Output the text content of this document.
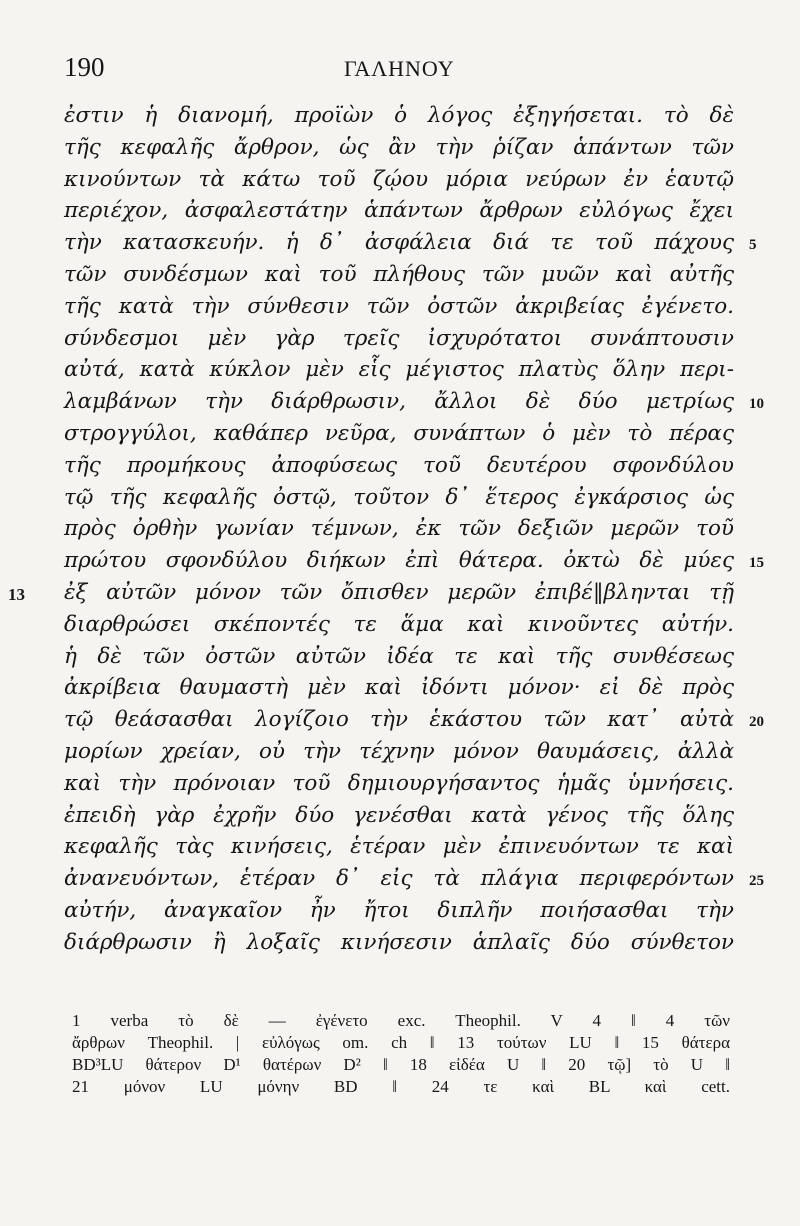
190	ΓΑΛΗΝΟΥ
ἐστιν ἡ διανομή, προϊὼν ὁ λόγος ἐξηγήσεται. τὸ δὲ
τῆς κεφαλῆς ἄρθρον, ὡς ἂν τὴν ῥίζαν ἁπάντων τῶν
κινούντων τὰ κάτω τοῦ ζῴου μόρια νεύρων ἐν ἑαυτῷ
περιέχον, ἀσφαλεστάτην ἁπάντων ἄρθρων εὐλόγως ἔχει
τὴν κατασκευήν. ἡ δ᾽ ἀσφάλεια διά τε τοῦ πάχους 5
τῶν συνδέσμων καὶ τοῦ πλήθους τῶν μυῶν καὶ αὐτῆς
τῆς κατὰ τὴν σύνθεσιν τῶν ὀστῶν ἀκριβείας ἐγένετο.
σύνδεσμοι μὲν γὰρ τρεῖς ἰσχυρότατοι συνάπτουσιν
αὐτά, κατὰ κύκλον μὲν εἷς μέγιστος πλατὺς ὅλην περι-
λαμβάνων τὴν διάρθρωσιν, ἄλλοι δὲ δύο μετρίως 10
στρογγύλοι, καθάπερ νεῦρα, συνάπτων ὁ μὲν τὸ πέρας
τῆς προμήκους ἀποφύσεως τοῦ δευτέρου σφονδύλου
τῷ τῆς κεφαλῆς ὀστῷ, τοῦτον δ᾽ ἕτερος ἐγκάρσιος ὡς
πρὸς ὀρθὴν γωνίαν τέμνων, ἐκ τῶν δεξιῶν μερῶν τοῦ
πρώτου σφονδύλου διήκων ἐπὶ θάτερα. ὀκτὼ δὲ μύες 15
ἐξ αὐτῶν μόνον τῶν ὄπισθεν μερῶν ἐπιβέ‖βληνται τῇ
13
διαρθρώσει σκέποντές τε ἅμα καὶ κινοῦντες αὐτήν.
ἡ δὲ τῶν ὀστῶν αὐτῶν ἰδέα τε καὶ τῆς συνθέσεως
ἀκρίβεια θαυμαστὴ μὲν καὶ ἰδόντι μόνον· εἰ δὲ πρὸς
τῷ θεάσασθαι λογίζοιο τὴν ἑκάστου τῶν κατ᾽ αὐτὰ 20
μορίων χρείαν, οὐ τὴν τέχνην μόνον θαυμάσεις, ἀλλὰ
καὶ τὴν πρόνοιαν τοῦ δημιουργήσαντος ἡμᾶς ὑμνήσεις.
ἐπειδὴ γὰρ ἐχρῆν δύο γενέσθαι κατὰ γένος τῆς ὅλης
κεφαλῆς τὰς κινήσεις, ἑτέραν μὲν ἐπινευόντων τε καὶ
ἀνανευόντων, ἑτέραν δ᾽ εἰς τὰ πλάγια περιφερόντων 25
αὐτήν, ἀναγκαῖον ἦν ἤτοι διπλῆν ποιήσασθαι τὴν
διάρθρωσιν ἢ λοξαῖς κινήσεσιν ἁπλαῖς δύο σύνθετον
1 verba τὸ δὲ — ἐγένετο exc. Theophil. V 4 ‖ 4 τῶν
ἄρθρων Theophil. | εὐλόγως om. ch ‖ 13 τούτων LU ‖ 15 θάτερα
BD³LU θάτερον D¹ θατέρων D² ‖ 18 εἰδέα U ‖ 20 τῷ] τὸ U ‖
21 μόνον LU μόνην BD ‖ 24 τε καὶ BL καὶ cett.
